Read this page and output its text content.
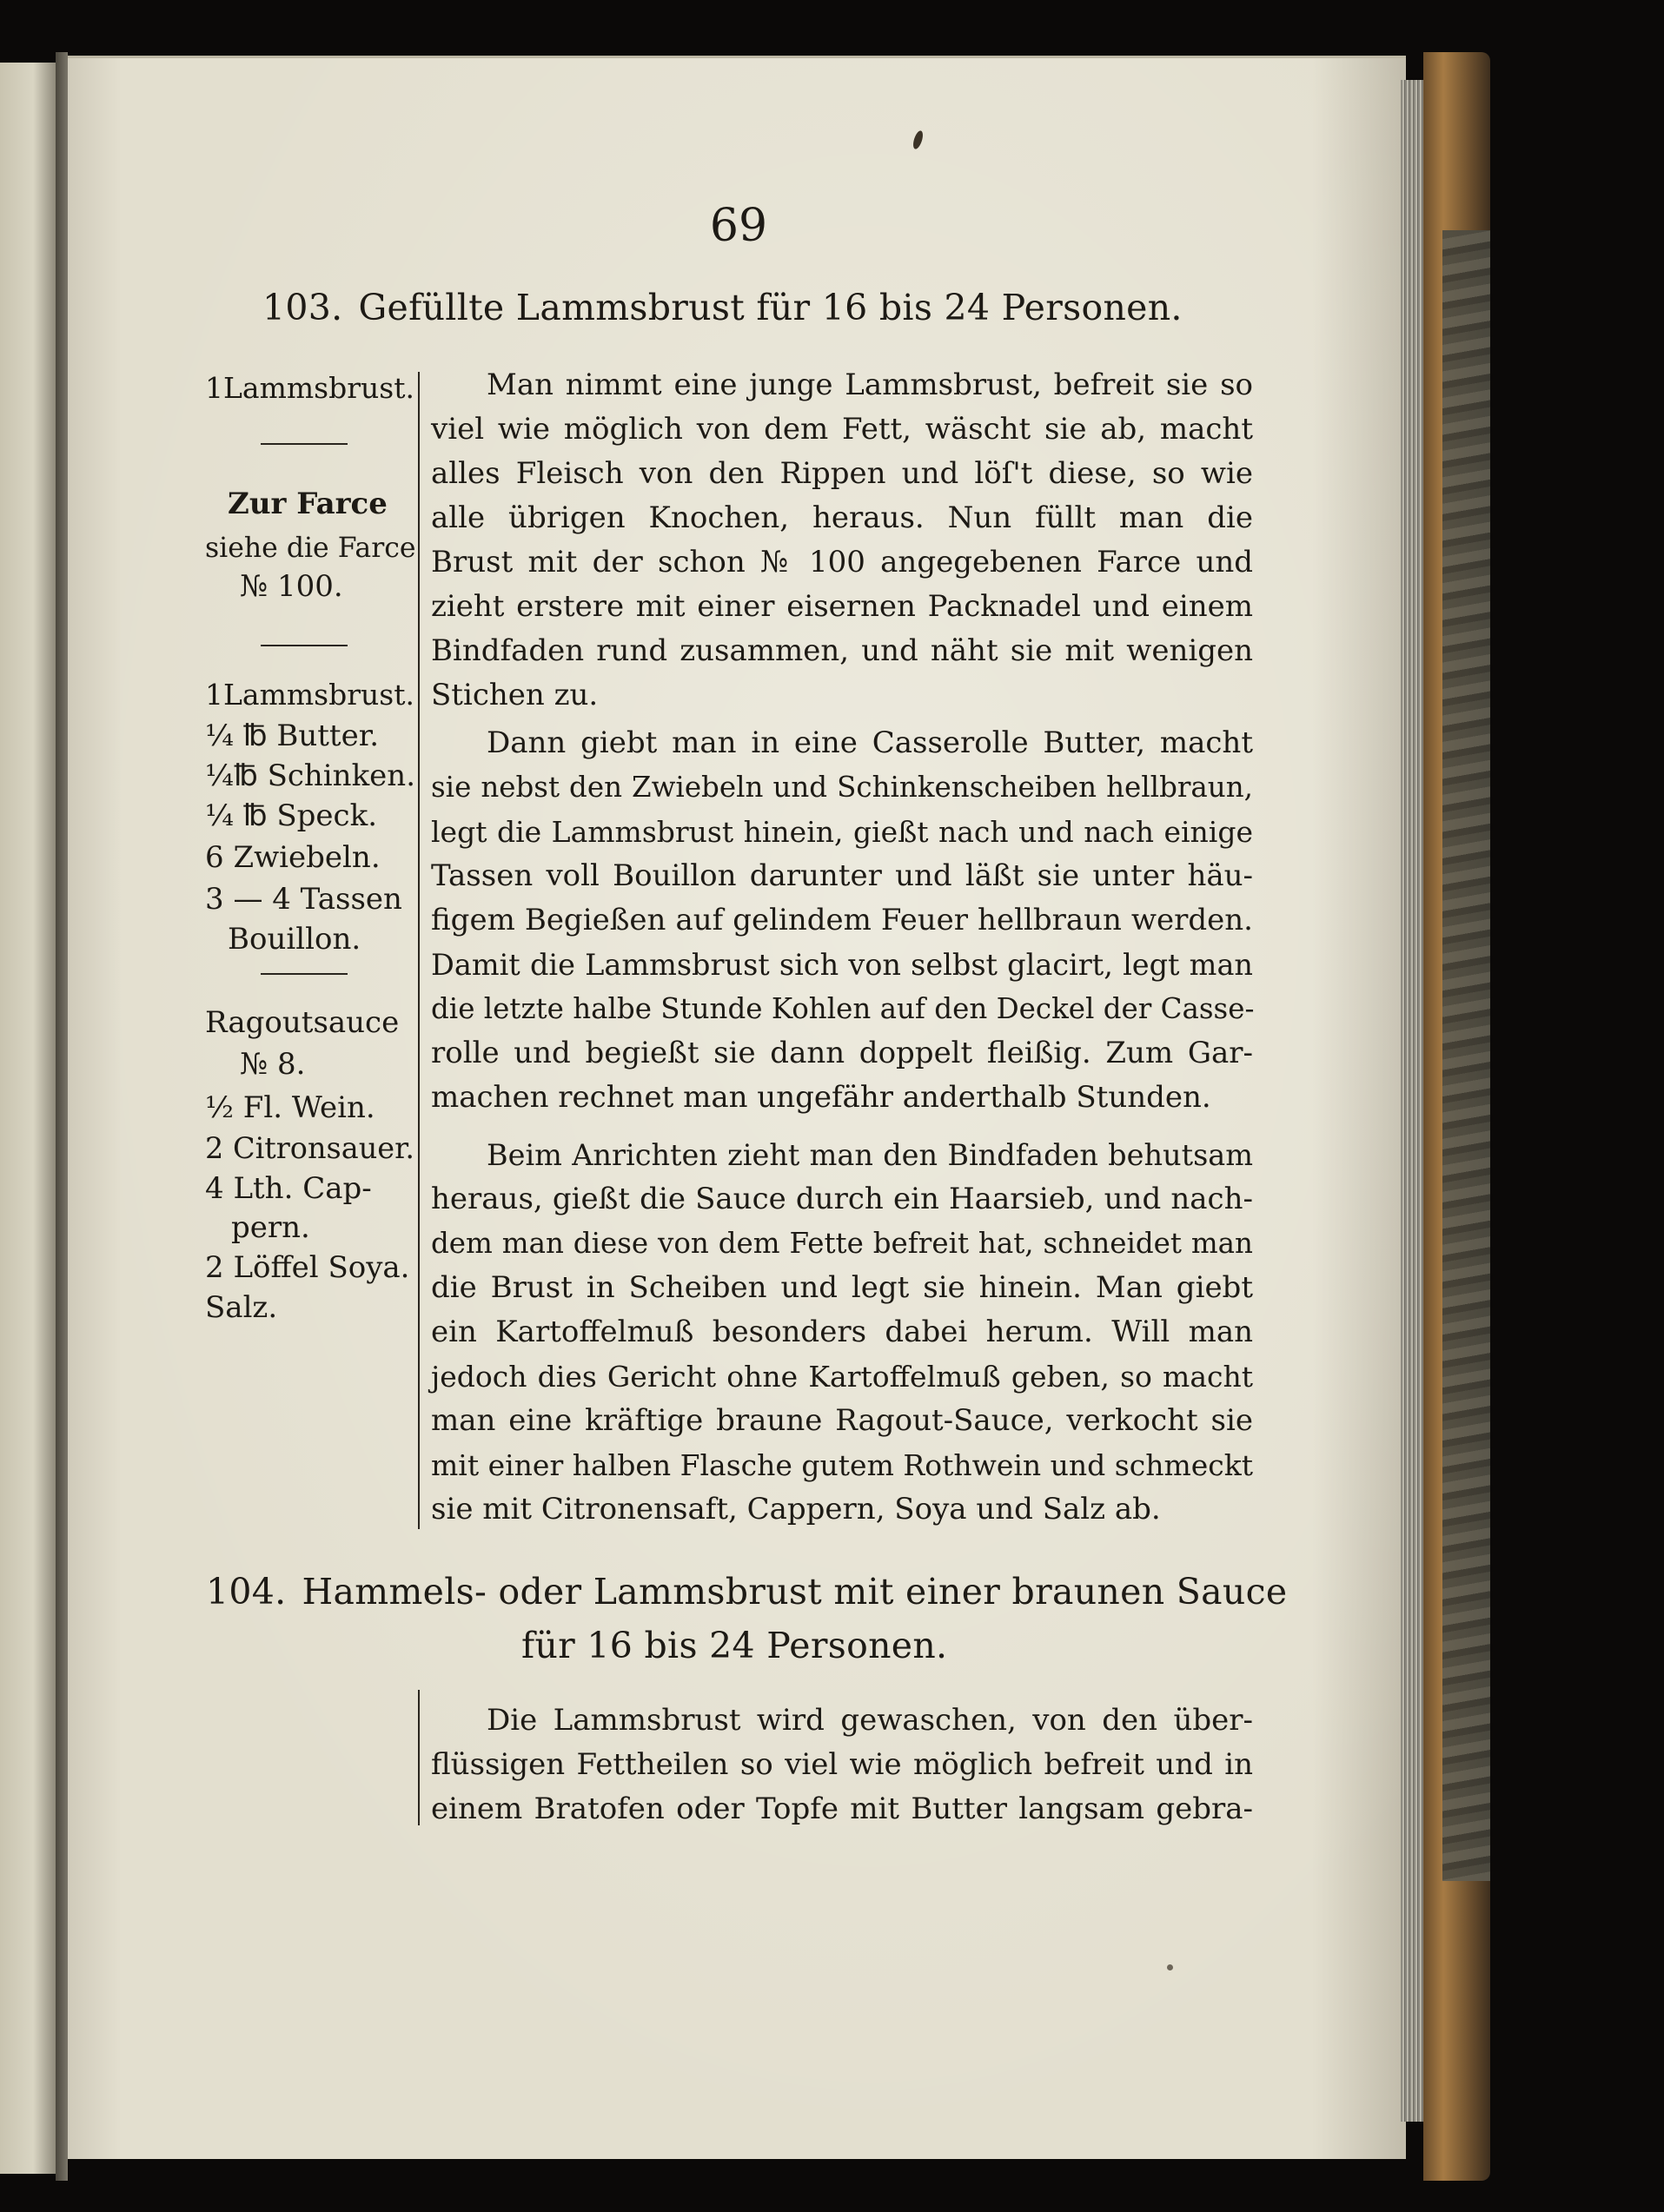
69
103. Gefüllte Lammsbrust für 16 bis 24 Personen.
1Lammsbrust.
Zur Farce
siehe die Farce
№ 100.
1Lammsbrust.
¼ ℔ Butter.
¼℔ Schinken.
¼ ℔ Speck.
6 Zwiebeln.
3 — 4 Tassen
Bouillon.
Ragoutsauce
№ 8.
½ Fl. Wein.
2 Citronsauer.
4 Lth. Cap-
pern.
2 Löffel Soya.
Salz.
Man nimmt eine junge Lammsbrust, befreit sie so
viel wie möglich von dem Fett, wäscht sie ab, macht
alles Fleisch von den Rippen und löſ't diese, so wie
alle übrigen Knochen, heraus. Nun füllt man die
Brust mit der schon № 100 angegebenen Farce und
zieht erstere mit einer eisernen Packnadel und einem
Bindfaden rund zusammen, und näht sie mit wenigen
Stichen zu.
Dann giebt man in eine Casserolle Butter, macht
sie nebst den Zwiebeln und Schinkenscheiben hellbraun,
legt die Lammsbrust hinein, gießt nach und nach einige
Tassen voll Bouillon darunter und läßt sie unter häu-
figem Begießen auf gelindem Feuer hellbraun werden.
Damit die Lammsbrust sich von selbst glacirt, legt man
die letzte halbe Stunde Kohlen auf den Deckel der Casse-
rolle und begießt sie dann doppelt fleißig. Zum Gar-
machen rechnet man ungefähr anderthalb Stunden.
Beim Anrichten zieht man den Bindfaden behutsam
heraus, gießt die Sauce durch ein Haarsieb, und nach-
dem man diese von dem Fette befreit hat, schneidet man
die Brust in Scheiben und legt sie hinein. Man giebt
ein Kartoffelmuß besonders dabei herum. Will man
jedoch dies Gericht ohne Kartoffelmuß geben, so macht
man eine kräftige braune Ragout-Sauce, verkocht sie
mit einer halben Flasche gutem Rothwein und schmeckt
sie mit Citronensaft, Cappern, Soya und Salz ab.
104. Hammels- oder Lammsbrust mit einer braunen Sauce
für 16 bis 24 Personen.
Die Lammsbrust wird gewaschen, von den über-
flüssigen Fettheilen so viel wie möglich befreit und in
einem Bratofen oder Topfe mit Butter langsam gebra-
